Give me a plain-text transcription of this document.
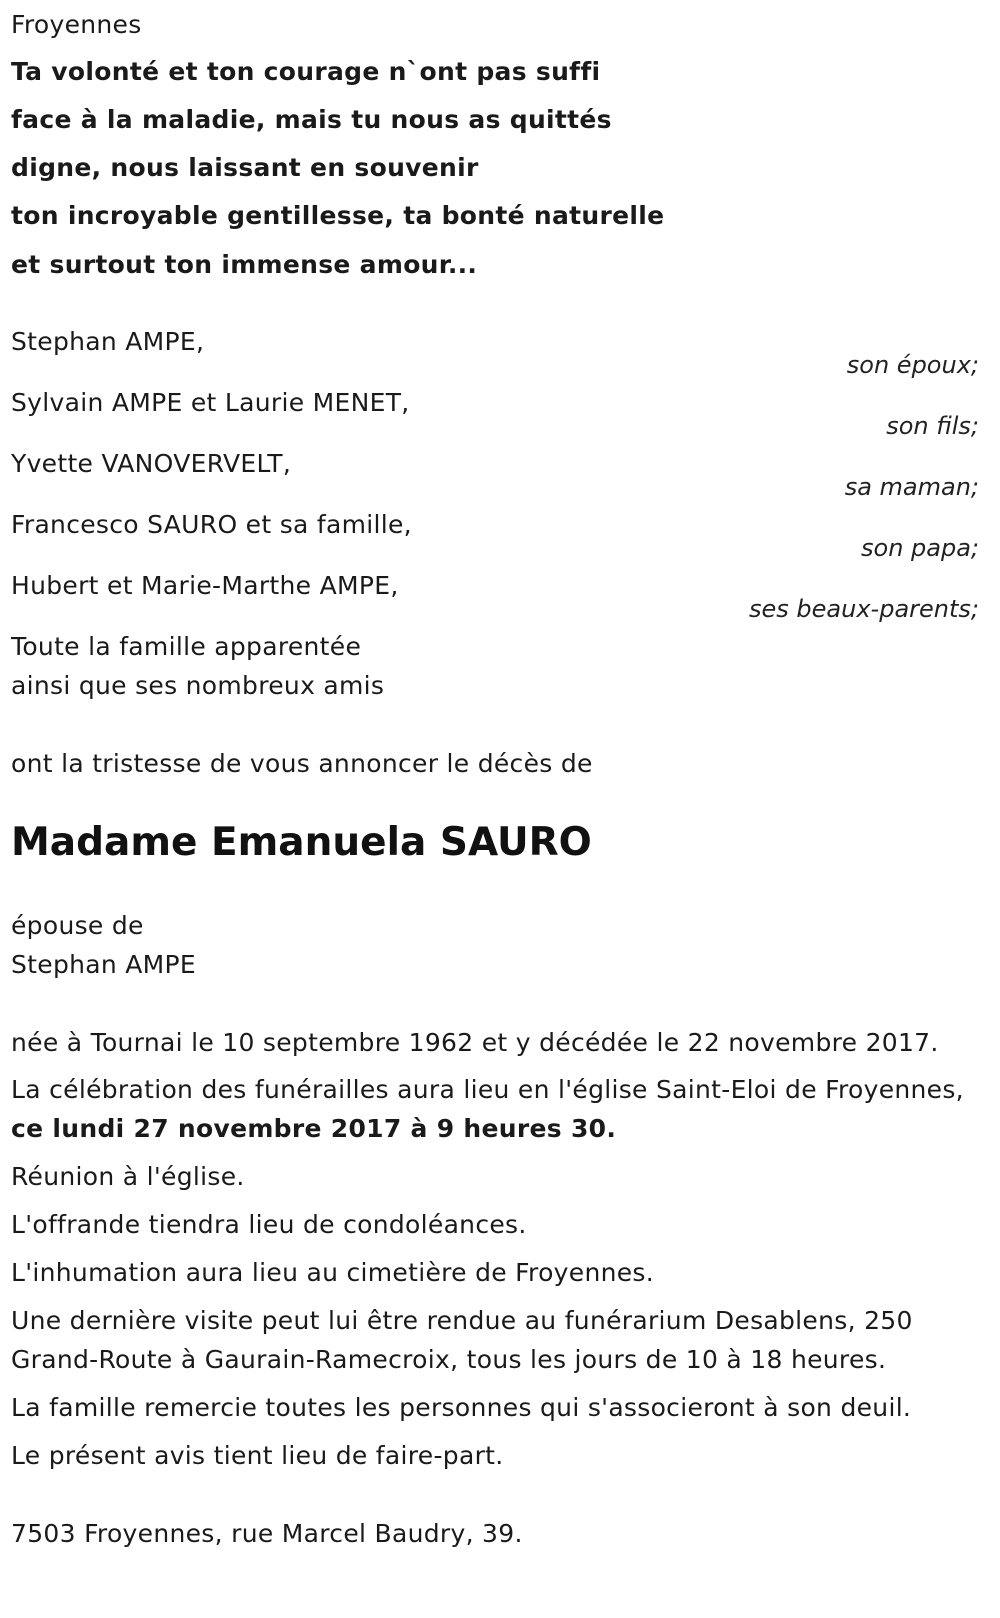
Froyennes
Ta volonté et ton courage n`ont pas suffi
face à la maladie, mais tu nous as quittés
digne, nous laissant en souvenir
ton incroyable gentillesse, ta bonté naturelle
et surtout ton immense amour...
Stephan AMPE,
son époux;
Sylvain AMPE et Laurie MENET,
son fils;
Yvette VANOVERVELT,
sa maman;
Francesco SAURO et sa famille,
son papa;
Hubert et Marie-Marthe AMPE,
ses beaux-parents;
Toute la famille apparentée
ainsi que ses nombreux amis
ont la tristesse de vous annoncer le décès de
Madame Emanuela SAURO
épouse de
Stephan AMPE
née à Tournai le 10 septembre 1962 et y décédée le 22 novembre 2017.
La célébration des funérailles aura lieu en l'église Saint-Eloi de Froyennes,
ce lundi 27 novembre 2017 à 9 heures 30.
Réunion à l'église.
L'offrande tiendra lieu de condoléances.
L'inhumation aura lieu au cimetière de Froyennes.
Une dernière visite peut lui être rendue au funérarium Desablens, 250
Grand-Route à Gaurain-Ramecroix, tous les jours de 10 à 18 heures.
La famille remercie toutes les personnes qui s'associeront à son deuil.
Le présent avis tient lieu de faire-part.
7503 Froyennes, rue Marcel Baudry, 39.
